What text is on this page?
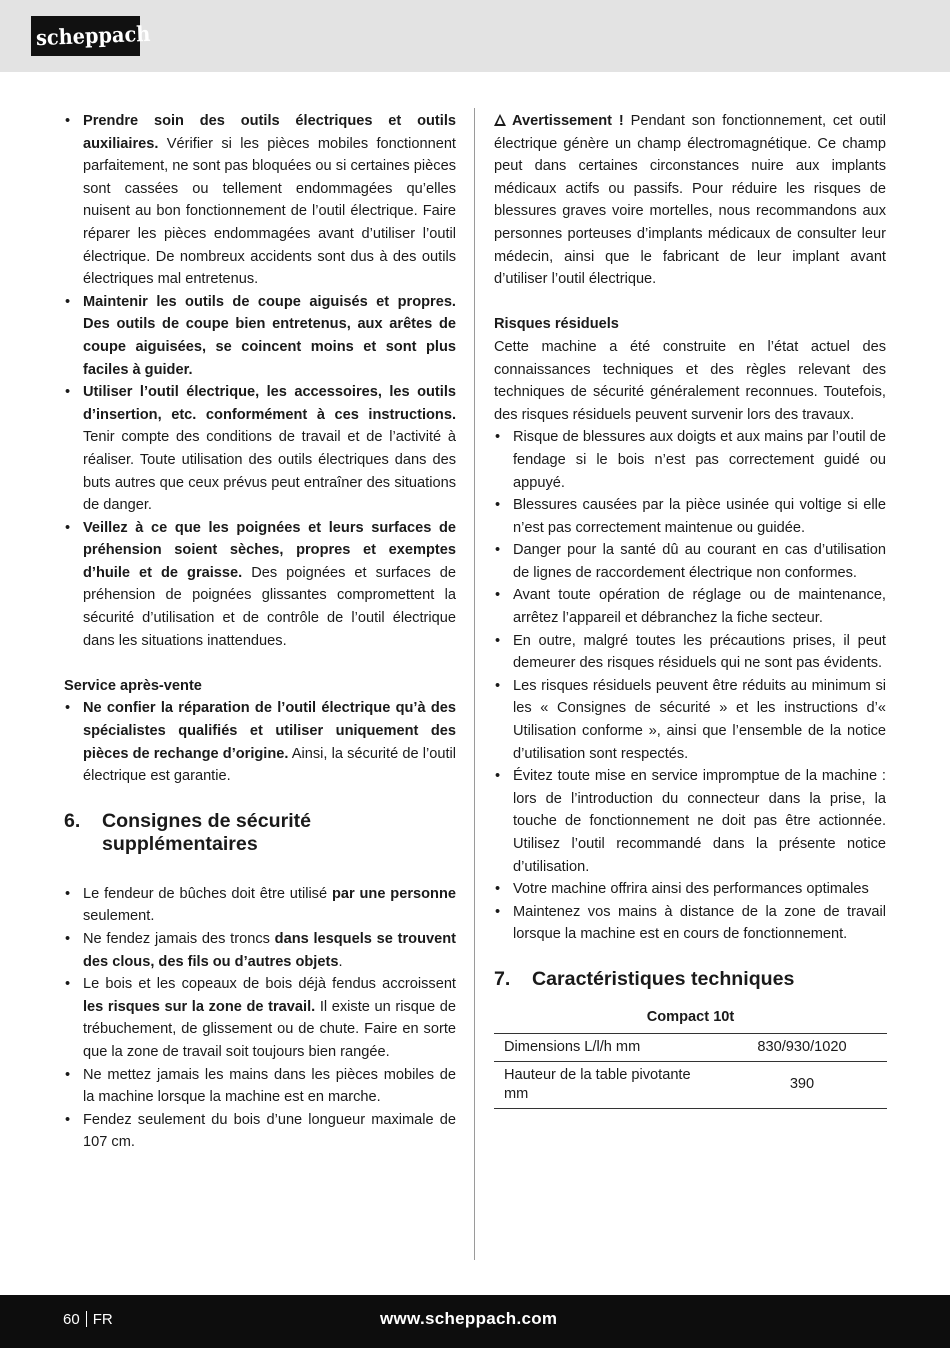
scheppach
• Prendre soin des outils électriques et outils auxiliaires. Vérifier si les pièces mobiles fonctionnent parfaitement, ne sont pas bloquées ou si certaines pièces sont cassées ou tellement endommagées qu’elles nuisent au bon fonctionnement de l’outil électrique. Faire réparer les pièces endommagées avant d’utiliser l’outil électrique. De nombreux accidents sont dus à des outils électriques mal entretenus.
• Maintenir les outils de coupe aiguisés et propres. Des outils de coupe bien entretenus, aux arêtes de coupe aiguisées, se coincent moins et sont plus faciles à guider.
• Utiliser l’outil électrique, les accessoires, les outils d’insertion, etc. conformément à ces instructions. Tenir compte des conditions de travail et de l’activité à réaliser. Toute utilisation des outils électriques dans des buts autres que ceux prévus peut entraîner des situations de danger.
• Veillez à ce que les poignées et leurs surfaces de préhension soient sèches, propres et exemptes d’huile et de graisse. Des poignées et surfaces de préhension de poignées glissantes compromettent la sécurité d’utilisation et de contrôle de l’outil électrique dans les situations inattendues.

Service après-vente

• Ne confier la réparation de l’outil électrique qu’à des spécialistes qualifiés et utiliser uniquement des pièces de rechange d’origine. Ainsi, la sécurité de l’outil électrique est garantie.
6.	Consignes de sécurité supplémentaires
• Le fendeur de bûches doit être utilisé par une personne seulement.
• Ne fendez jamais des troncs dans lesquels se trouvent des clous, des fils ou d’autres objets.
• Le bois et les copeaux de bois déjà fendus accroissent les risques sur la zone de travail. Il existe un risque de trébuchement, de glissement ou de chute. Faire en sorte que la zone de travail soit toujours bien rangée.
• Ne mettez jamais les mains dans les pièces mobiles de la machine lorsque la machine est en marche.
• Fendez seulement du bois d’une longueur maximale de 107 cm.

Avertissement ! Pendant son fonctionnement, cet outil électrique génère un champ électromagnétique. Ce champ peut dans certaines circonstances nuire aux implants médicaux actifs ou passifs. Pour réduire les risques de blessures graves voire mortelles, nous recommandons aux personnes porteuses d’implants médicaux de consulter leur médecin, ainsi que le fabricant de leur implant avant d’utiliser l’outil électrique.

Risques résiduels

Cette machine a été construite en l’état actuel des connaissances techniques et des règles relevant des techniques de sécurité généralement reconnues. Toutefois, des risques résiduels peuvent survenir lors des travaux.

• Risque de blessures aux doigts et aux mains par l’outil de fendage si le bois n’est pas correctement guidé ou appuyé.
• Blessures causées par la pièce usinée qui voltige si elle n’est pas correctement maintenue ou guidée.
• Danger pour la santé dû au courant en cas d’utilisation de lignes de raccordement électrique non conformes.
• Avant toute opération de réglage ou de maintenance, arrêtez l’appareil et débranchez la fiche secteur.
• En outre, malgré toutes les précautions prises, il peut demeurer des risques résiduels qui ne sont pas évidents.
• Les risques résiduels peuvent être réduits au minimum si les « Consignes de sécurité » et les instructions d’« Utilisation conforme », ainsi que l’ensemble de la notice d’utilisation sont respectés.
• Évitez toute mise en service impromptue de la machine : lors de l’introduction du connecteur dans la prise, la touche de fonctionnement ne doit pas être actionnée. Utilisez l’outil recommandé dans la présente notice d’utilisation.
• Votre machine offrira ainsi des performances optimales
• Maintenez vos mains à distance de la zone de travail lorsque la machine est en cours de fonctionnement.
7.	Caractéristiques techniques
Compact 10t	
Dimensions L/l/h mm	830/930/1020
Hauteur de la table pivotante mm	390
60 FR	www.scheppach.com
